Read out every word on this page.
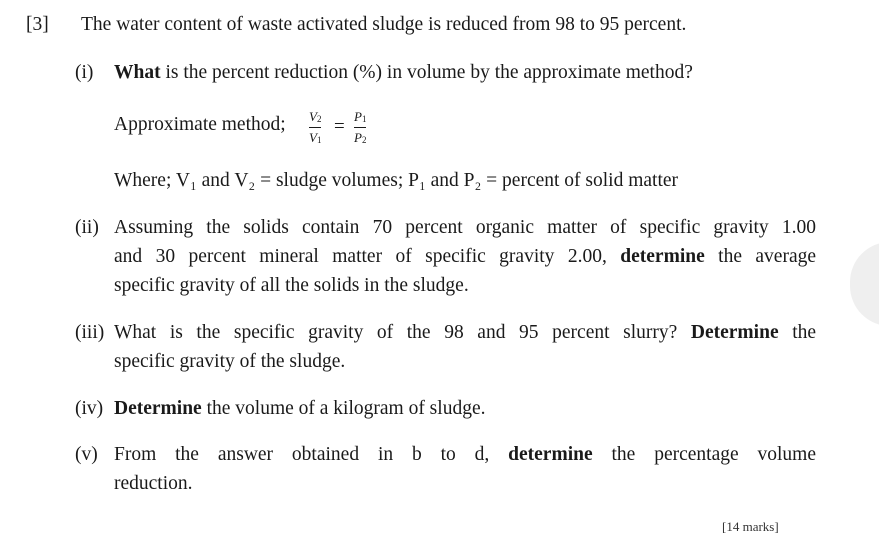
[3] The water content of waste activated sludge is reduced from 98 to 95 percent.
(i) What is the percent reduction (%) in volume by the approximate method?
Approximate method; $V_2$
$V_1$
= $P_1$
$P_2$
Where; V₁ and V₂ = sludge volumes; P₁ and P₂ = percent of solid matter
(ii) Assuming the solids contain 70 percent organic matter of specific gravity 1.00
and 30 percent mineral matter of specific gravity 2.00, determine the average
specific gravity of all the solids in the sludge.
(iii) What is the specific gravity of the 98 and 95 percent slurry? Determine the
specific gravity of the sludge.
(iv) Determine the volume of a kilogram of sludge.
(v) From the answer obtained in b to d, determine the percentage volume
reduction.
[14 marks]
